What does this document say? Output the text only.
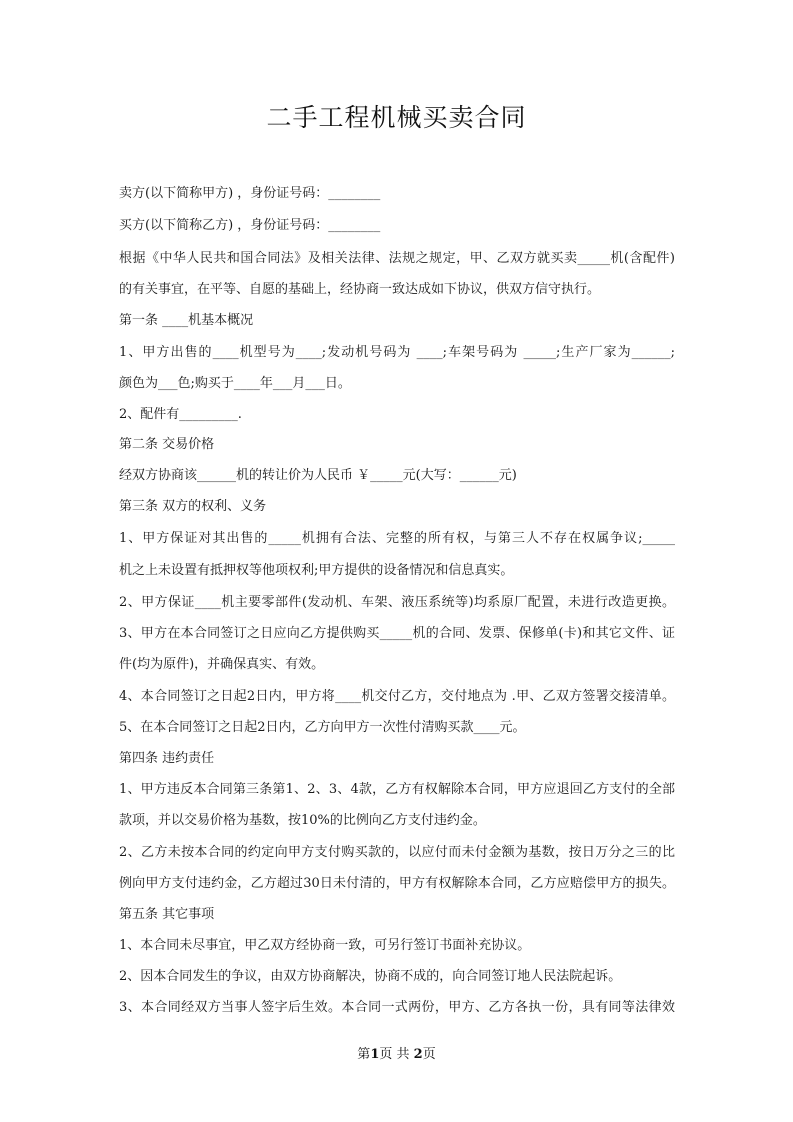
二手工程机械买卖合同
卖方(以下简称甲方) ，身份证号码：________
买方(以下简称乙方) ，身份证号码：________
根据《中华人民共和国合同法》及相关法律、法规之规定，甲、乙双方就买卖_____机(含配件)
的有关事宜，在平等、自愿的基础上，经协商一致达成如下协议，供双方信守执行。
第一条 ____机基本概况
1、甲方出售的____机型号为____;发动机号码为 ____;车架号码为 _____;生产厂家为______;
颜色为___色;购买于____年___月___日。
2、配件有_________.
第二条 交易价格
经双方协商该______机的转让价为人民币 ￥_____元(大写：______元)
第三条 双方的权利、义务
1、甲方保证对其出售的_____机拥有合法、完整的所有权，与第三人不存在权属争议;_____
机之上未设置有抵押权等他项权利;甲方提供的设备情况和信息真实。
2、甲方保证____机主要零部件(发动机、车架、液压系统等)均系原厂配置，未进行改造更换。
3、甲方在本合同签订之日应向乙方提供购买_____机的合同、发票、保修单(卡)和其它文件、证
件(均为原件)，并确保真实、有效。
4、本合同签订之日起2日内，甲方将____机交付乙方，交付地点为 .甲、乙双方签署交接清单。
5、在本合同签订之日起2日内，乙方向甲方一次性付清购买款____元。
第四条 违约责任
1、甲方违反本合同第三条第1、2、3、4款，乙方有权解除本合同，甲方应退回乙方支付的全部
款项，并以交易价格为基数，按10%的比例向乙方支付违约金。
2、乙方未按本合同的约定向甲方支付购买款的，以应付而未付金额为基数，按日万分之三的比
例向甲方支付违约金，乙方超过30日未付清的，甲方有权解除本合同，乙方应赔偿甲方的损失。
第五条 其它事项
1、本合同未尽事宜，甲乙双方经协商一致，可另行签订书面补充协议。
2、因本合同发生的争议，由双方协商解决，协商不成的，向合同签订地人民法院起诉。
3、本合同经双方当事人签字后生效。本合同一式两份，甲方、乙方各执一份，具有同等法律效
第1页 共 2页
